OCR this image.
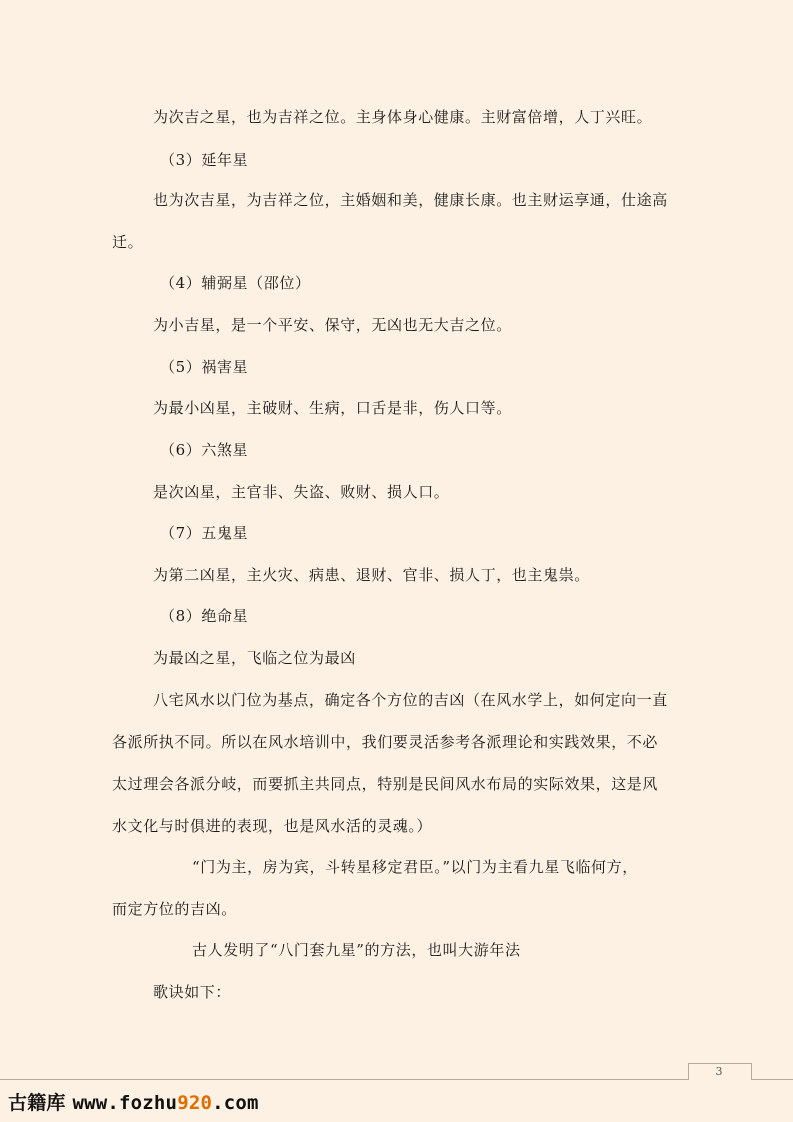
为次吉之星，也为吉祥之位。主身体身心健康。主财富倍增，人丁兴旺。
（3）延年星
也为次吉星，为吉祥之位，主婚姻和美，健康长康。也主财运享通，仕途高
迁。
（4）辅弼星（邵位）
为小吉星，是一个平安、保守，无凶也无大吉之位。
（5）祸害星
为最小凶星，主破财、生病，口舌是非，伤人口等。
（6）六煞星
是次凶星，主官非、失盗、败财、损人口。
（7）五鬼星
为第二凶星，主火灾、病患、退财、官非、损人丁，也主鬼祟。
（8）绝命星
为最凶之星，飞临之位为最凶
八宅风水以门位为基点，确定各个方位的吉凶（在风水学上，如何定向一直
各派所执不同。所以在风水培训中，我们要灵活参考各派理论和实践效果，不必
太过理会各派分岐，而要抓主共同点，特别是民间风水布局的实际效果，这是风
水文化与时俱进的表现，也是风水活的灵魂。）
“门为主，房为宾，斗转星移定君臣。”以门为主看九星飞临何方，
而定方位的吉凶。
古人发明了“八门套九星”的方法，也叫大游年法
歌诀如下：
3
古籍库 www.fozhu920.com
